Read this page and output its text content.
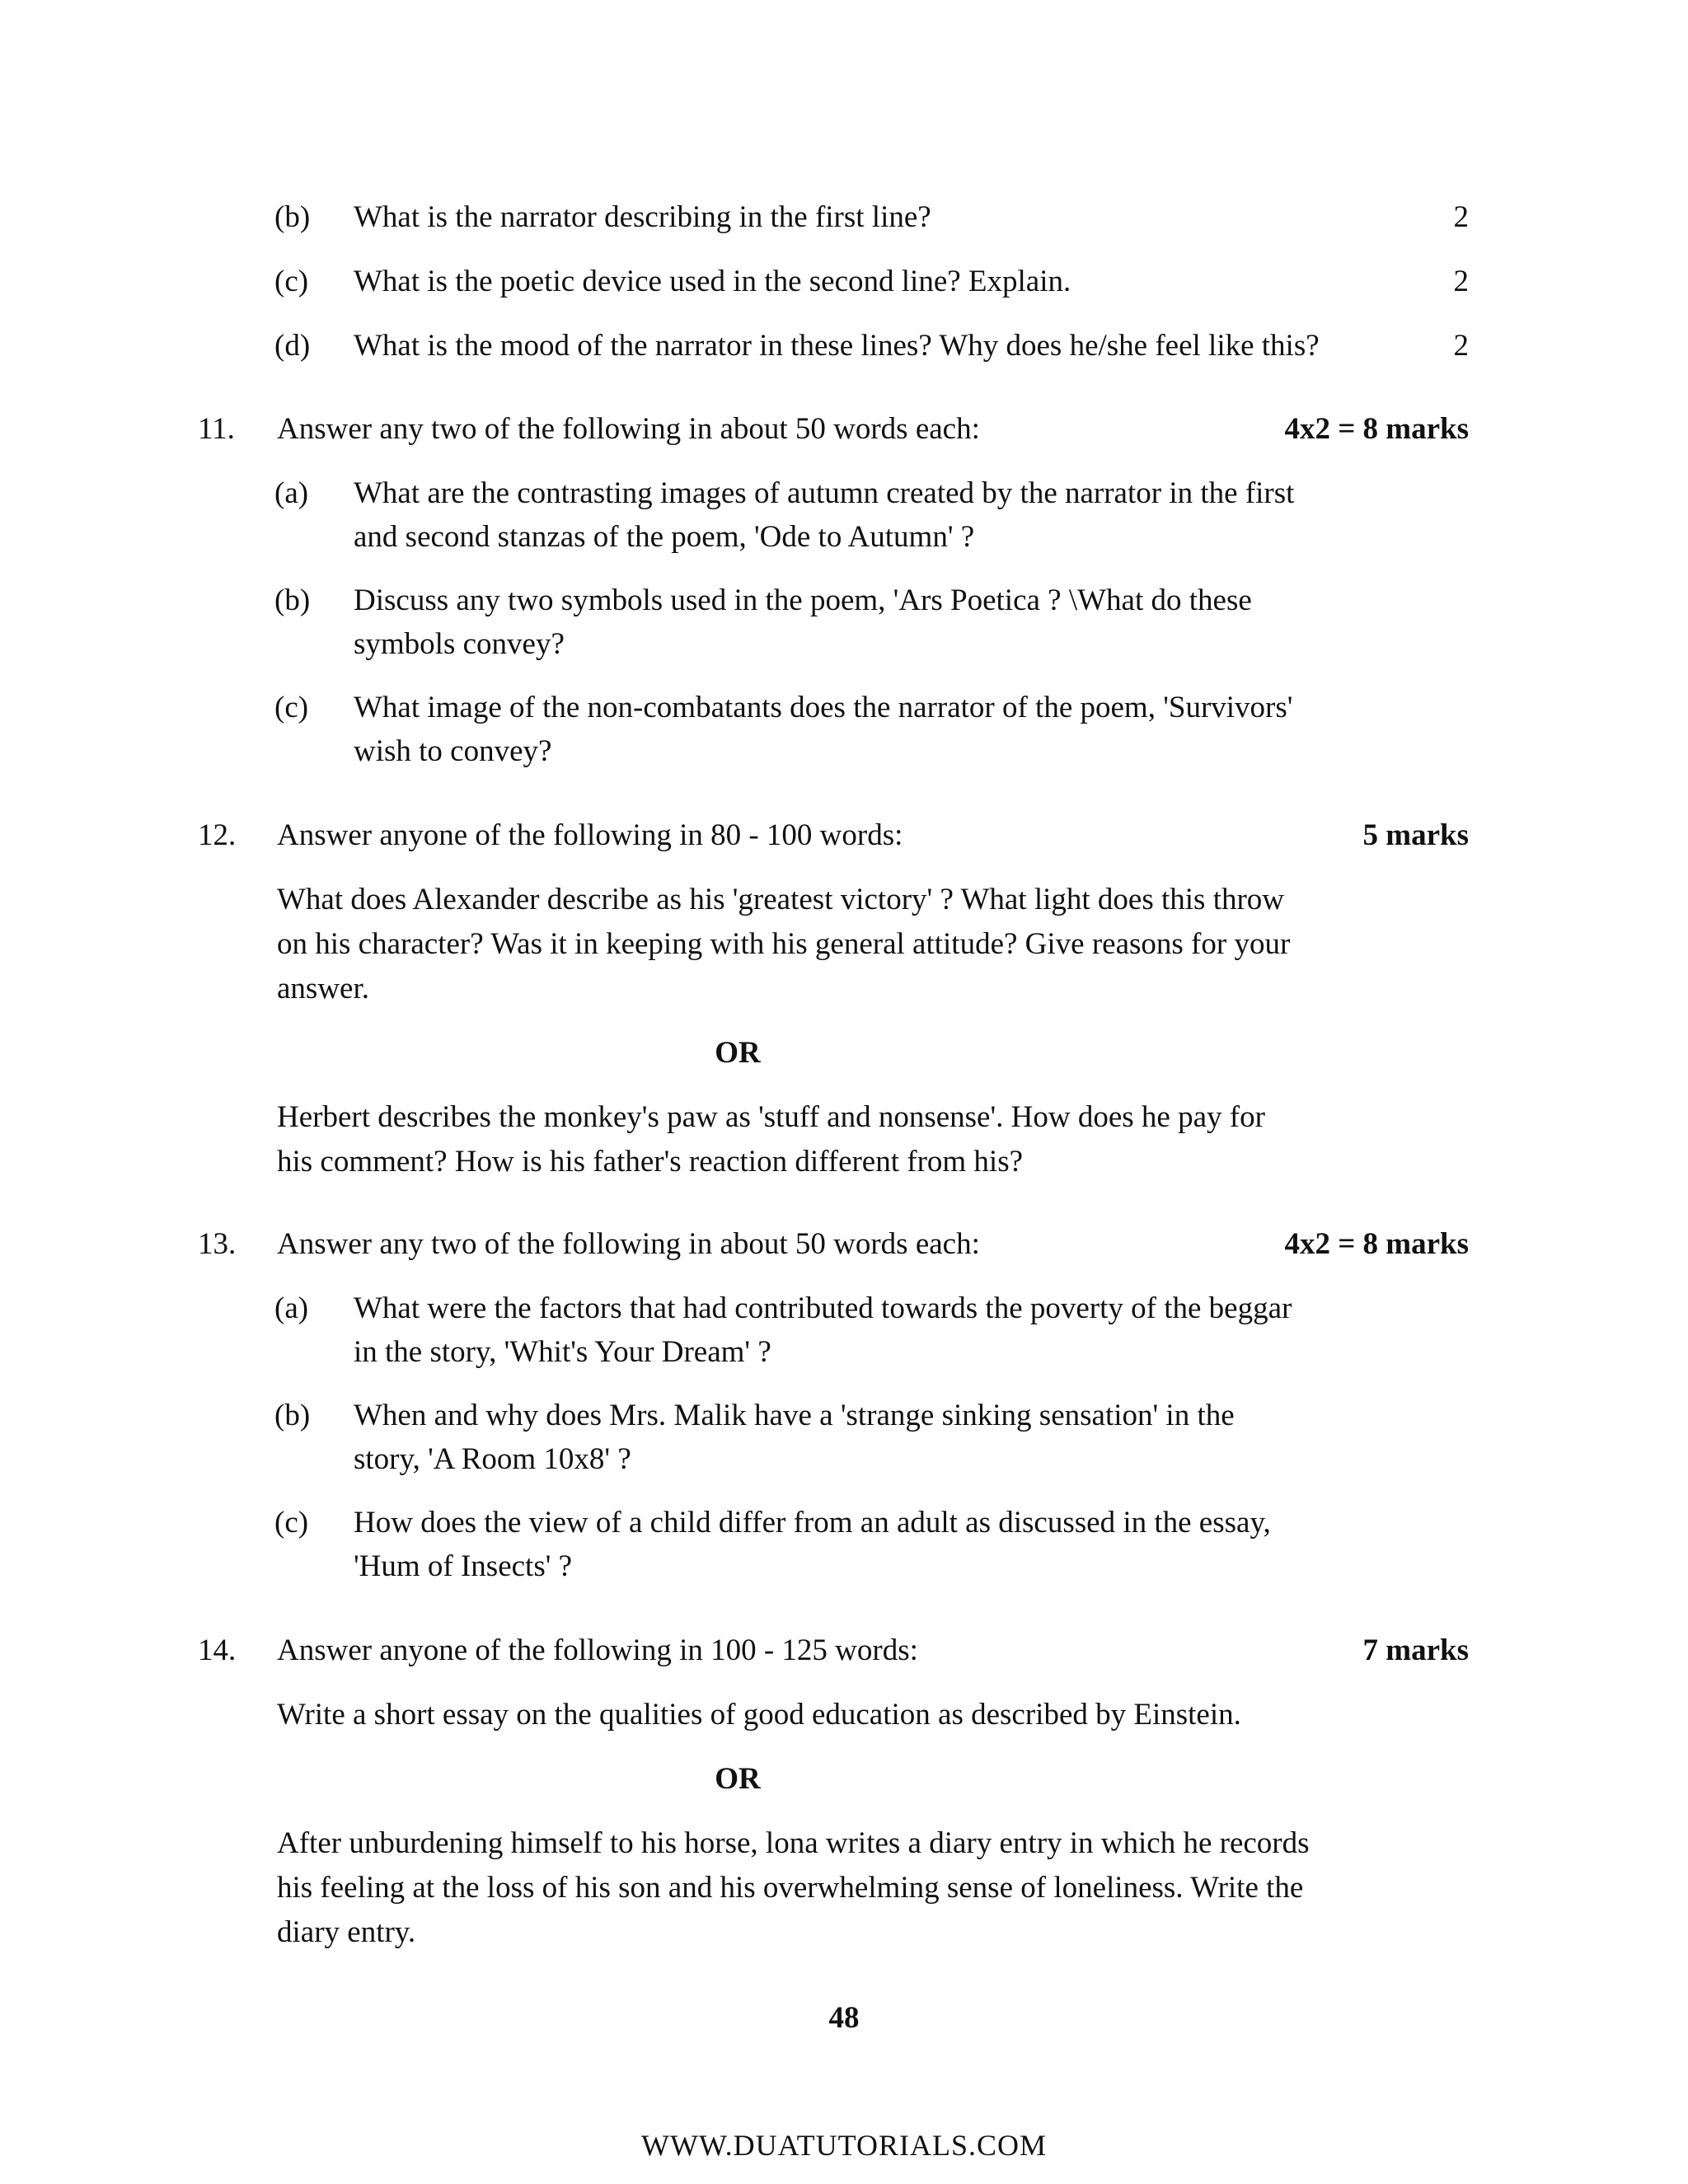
(b) What is the narrator describing in the first line?	2
(c) What is the poetic device used in the second line? Explain.	2
(d) What is the mood of the narrator in these lines? Why does he/she feel like this?	2
11. Answer any two of the following in about 50 words each:	4x2 = 8 marks
(a) What are the contrasting images of autumn created by the narrator in the first
and second stanzas of the poem, 'Ode to Autumn' ?
(b) Discuss any two symbols used in the poem, 'Ars Poetica ? \What do these
symbols convey?
(c) What image of the non-combatants does the narrator of the poem, 'Survivors'
wish to convey?
12. Answer anyone of the following in 80 - 100 words:	5 marks
What does Alexander describe as his 'greatest victory' ? What light does this throw
on his character? Was it in keeping with his general attitude? Give reasons for your
answer.
OR
Herbert describes the monkey's paw as 'stuff and nonsense'. How does he pay for
his comment? How is his father's reaction different from his?
13. Answer any two of the following in about 50 words each:	4x2 = 8 marks
(a) What were the factors that had contributed towards the poverty of the beggar
in the story, 'Whit's Your Dream' ?
(b) When and why does Mrs. Malik have a 'strange sinking sensation' in the
story, 'A Room 10x8' ?
(c) How does the view of a child differ from an adult as discussed in the essay,
'Hum of Insects' ?
14. Answer anyone of the following in 100 - 125 words:	7 marks
Write a short essay on the qualities of good education as described by Einstein.
OR
After unburdening himself to his horse, lona writes a diary entry in which he records
his feeling at the loss of his son and his overwhelming sense of loneliness. Write the
diary entry.
48
WWW.DUATUTORIALS.COM
